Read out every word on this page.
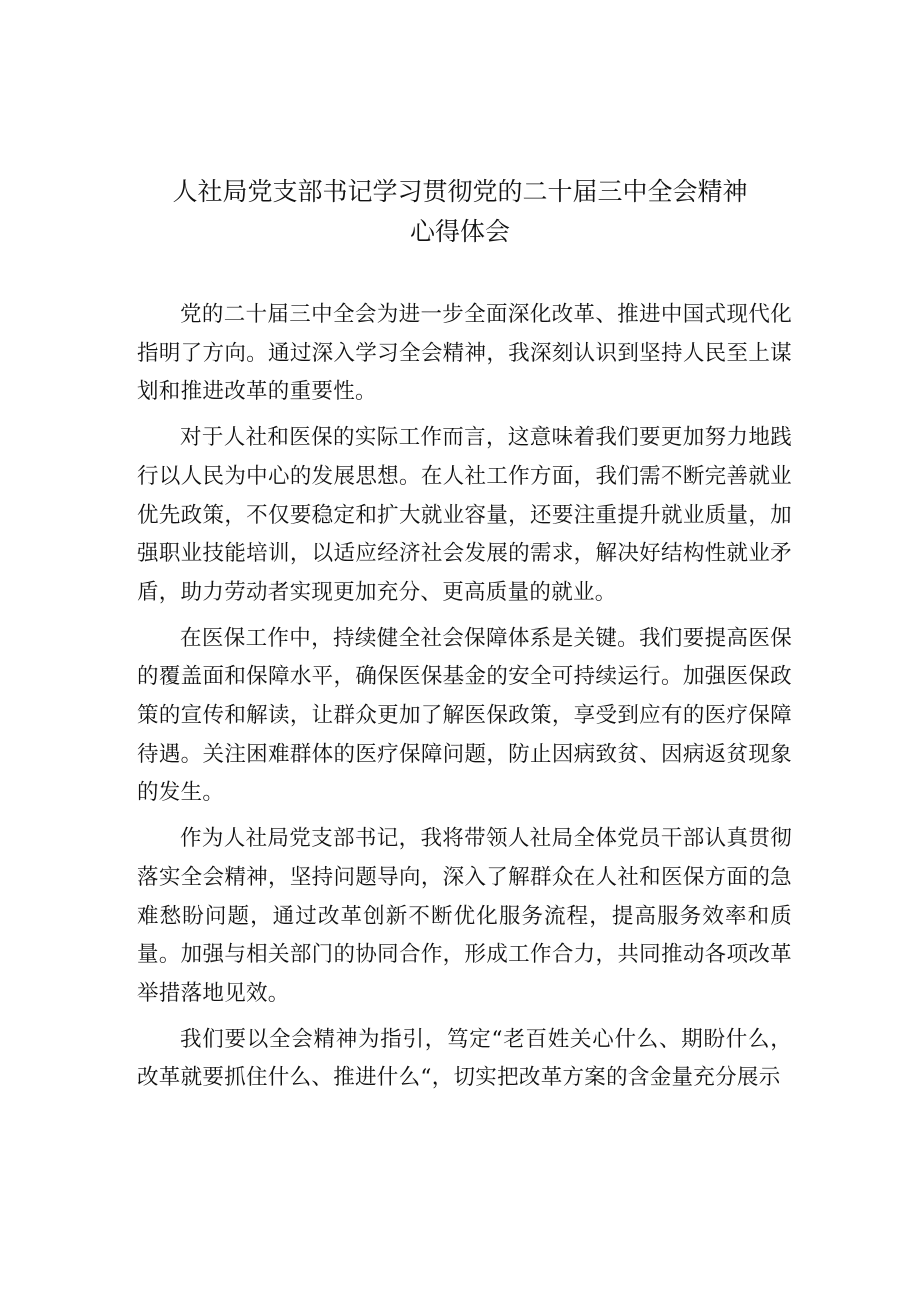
人社局党支部书记学习贯彻党的二十届三中全会精神
心得体会

党的二十届三中全会为进一步全面深化改革、推进中国式现代化指明了方向。通过深入学习全会精神，我深刻认识到坚持人民至上谋划和推进改革的重要性。

对于人社和医保的实际工作而言，这意味着我们要更加努力地践行以人民为中心的发展思想。在人社工作方面，我们需不断完善就业优先政策，不仅要稳定和扩大就业容量，还要注重提升就业质量，加强职业技能培训，以适应经济社会发展的需求，解决好结构性就业矛盾，助力劳动者实现更加充分、更高质量的就业。

在医保工作中，持续健全社会保障体系是关键。我们要提高医保的覆盖面和保障水平，确保医保基金的安全可持续运行。加强医保政策的宣传和解读，让群众更加了解医保政策，享受到应有的医疗保障待遇。关注困难群体的医疗保障问题，防止因病致贫、因病返贫现象的发生。

作为人社局党支部书记，我将带领人社局全体党员干部认真贯彻落实全会精神，坚持问题导向，深入了解群众在人社和医保方面的急难愁盼问题，通过改革创新不断优化服务流程，提高服务效率和质量。加强与相关部门的协同合作，形成工作合力，共同推动各项改革举措落地见效。

我们要以全会精神为指引，笃定“老百姓关心什么、期盼什么，改革就要抓住什么、推进什么“，切实把改革方案的含金量充分展示
